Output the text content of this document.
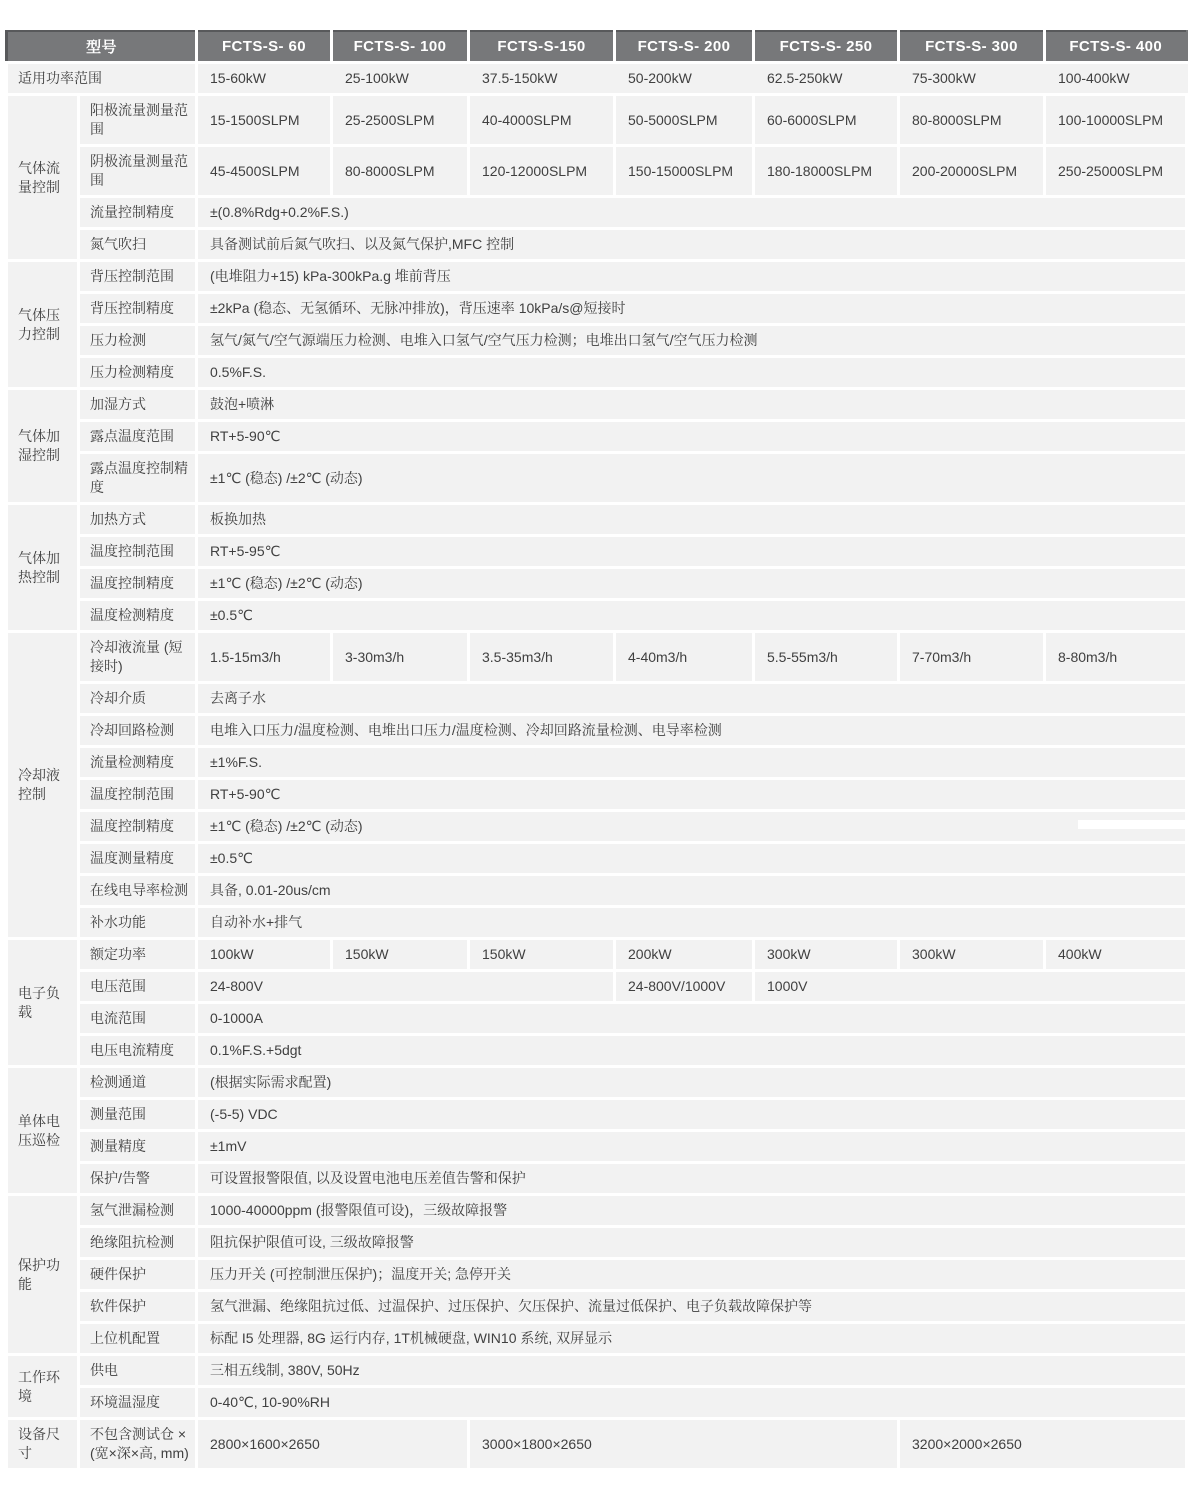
型号		FCTS-S- 60	FCTS-S- 100	FCTS-S-150	FCTS-S- 200	FCTS-S- 250	FCTS-S- 300	FCTS-S- 400
适用功率范围		15-60kW	25-100kW	37.5-150kW	50-200kW	62.5-250kW	75-300kW	100-400kW
气体流量控制	阳极流量测量范围	15-1500SLPM	25-2500SLPM	40-4000SLPM	50-5000SLPM	60-6000SLPM	80-8000SLPM	100-10000SLPM
	阴极流量测量范围	45-4500SLPM	80-8000SLPM	120-12000SLPM	150-15000SLPM	180-18000SLPM	200-20000SLPM	250-25000SLPM
	流量控制精度	±(0.8%Rdg+0.2%F.S.)						
	氮气吹扫	具备测试前后氮气吹扫、以及氮气保护,MFC 控制						
气体压力控制	背压控制范围	(电堆阻力+15) kPa-300kPa.g 堆前背压						
	背压控制精度	±2kPa (稳态、无氢循环、无脉冲排放)，背压速率 10kPa/s@短接时						
	压力检测	氢气/氮气/空气源端压力检测、电堆入口氢气/空气压力检测；电堆出口氢气/空气压力检测						
	压力检测精度	0.5%F.S.						
气体加湿控制	加湿方式	鼓泡+喷淋						
	露点温度范围	RT+5-90℃						
	露点温度控制精度	±1℃ (稳态) /±2℃ (动态)						
气体加热控制	加热方式	板换加热						
	温度控制范围	RT+5-95℃						
	温度控制精度	±1℃ (稳态) /±2℃ (动态)						
	温度检测精度	±0.5℃						
冷却液控制	冷却液流量 (短接时)	1.5-15m3/h	3-30m3/h	3.5-35m3/h	4-40m3/h	5.5-55m3/h	7-70m3/h	8-80m3/h
	冷却介质	去离子水						
	冷却回路检测	电堆入口压力/温度检测、电堆出口压力/温度检测、冷却回路流量检测、电导率检测						
	流量检测精度	±1%F.S.						
	温度控制范围	RT+5-90℃						
	温度控制精度	±1℃ (稳态) /±2℃ (动态)						
	温度测量精度	±0.5℃						
	在线电导率检测	具备, 0.01-20us/cm						
	补水功能	自动补水+排气						
电子负载	额定功率	100kW	150kW	150kW	200kW	300kW	300kW	400kW
	电压范围	24-800V			24-800V/1000V	1000V		
	电流范围	0-1000A						
	电压电流精度	0.1%F.S.+5dgt						
单体电压巡检	检测通道	(根据实际需求配置)						
	测量范围	(-5-5) VDC						
	测量精度	±1mV						
	保护/告警	可设置报警限值, 以及设置电池电压差值告警和保护						
保护功能	氢气泄漏检测	1000-40000ppm (报警限值可设)，三级故障报警						
	绝缘阻抗检测	阻抗保护限值可设, 三级故障报警						
	硬件保护	压力开关 (可控制泄压保护)；温度开关; 急停开关						
	软件保护	氢气泄漏、绝缘阻抗过低、过温保护、过压保护、欠压保护、流量过低保护、电子负载故障保护等						
	上位机配置	标配 I5 处理器, 8G 运行内存, 1T机械硬盘, WIN10 系统, 双屏显示						
工作环境	供电	三相五线制, 380V, 50Hz						
	环境温湿度	0-40℃, 10-90%RH						
设备尺寸	不包含测试仓 × (宽×深×高, mm)	2800×1600×2650		3000×1800×2650			3200×2000×2650	
